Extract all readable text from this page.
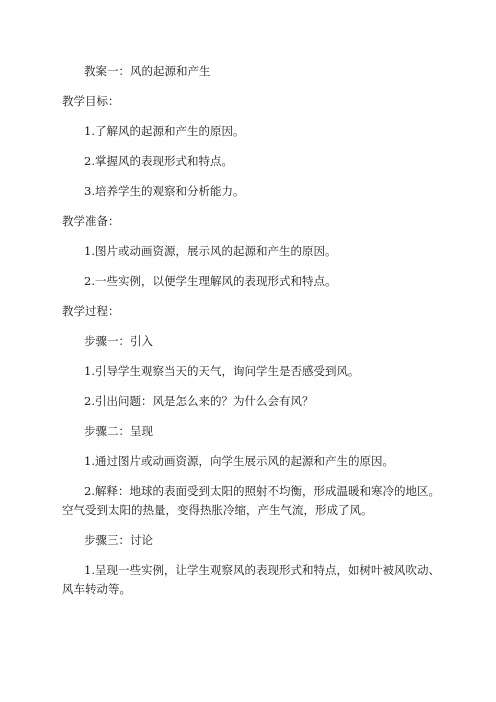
教案一：风的起源和产生

教学目标：

1.了解风的起源和产生的原因。

2.掌握风的表现形式和特点。

3.培养学生的观察和分析能力。

教学准备：

1.图片或动画资源，展示风的起源和产生的原因。

2.一些实例，以便学生理解风的表现形式和特点。

教学过程：

步骤一：引入

1.引导学生观察当天的天气，询问学生是否感受到风。

2.引出问题：风是怎么来的？为什么会有风？

步骤二：呈现

1.通过图片或动画资源，向学生展示风的起源和产生的原因。

2.解释：地球的表面受到太阳的照射不均衡，形成温暖和寒冷的地区。空气受到太阳的热量，变得热胀冷缩，产生气流，形成了风。

步骤三：讨论

1.呈现一些实例，让学生观察风的表现形式和特点，如树叶被风吹动、风车转动等。
